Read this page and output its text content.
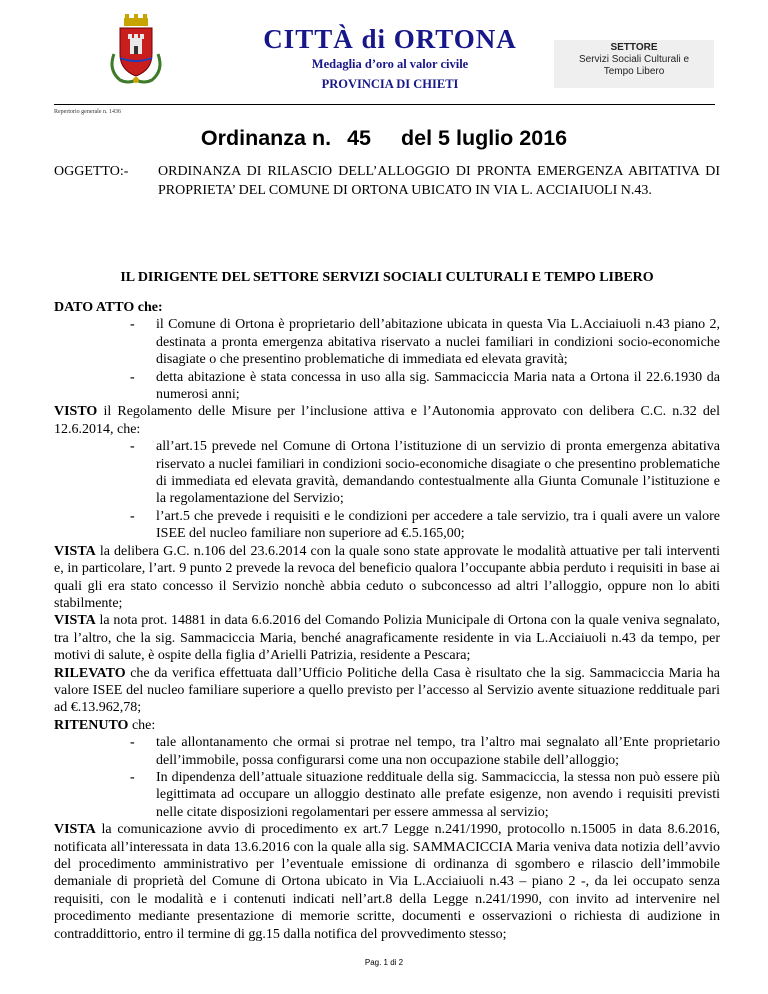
CITTÀ di ORTONA
Medaglia d’oro al valor civile
PROVINCIA DI CHIETI
SETTORE
Servizi Sociali Culturali e
Tempo Libero
Repertorio generale n. 1436
Ordinanza n. 45 del 5 luglio 2016
OGGETTO:-	ORDINANZA DI RILASCIO DELL’ALLOGGIO DI PRONTA EMERGENZA ABITATIVA DI PROPRIETA’ DEL COMUNE DI ORTONA UBICATO IN VIA L. ACCIAIUOLI N.43.
IL DIRIGENTE DEL SETTORE SERVIZI SOCIALI CULTURALI E TEMPO LIBERO

DATO ATTO che:

- il Comune di Ortona è proprietario dell’abitazione ubicata in questa Via L.Acciaiuoli n.43 piano 2, destinata a pronta emergenza abitativa riservato a nuclei familiari in condizioni socio-economiche disagiate o che presentino problematiche di immediata ed elevata gravità;
- detta abitazione è stata concessa in uso alla sig. Sammaciccia Maria nata a Ortona il 22.6.1930 da numerosi anni;

VISTO il Regolamento delle Misure per l’inclusione attiva e l’Autonomia approvato con delibera C.C. n.32 del 12.6.2014, che:

- all’art.15 prevede nel Comune di Ortona l’istituzione di un servizio di pronta emergenza abitativa riservato a nuclei familiari in condizioni socio-economiche disagiate o che presentino problematiche di immediata ed elevata gravità, demandando contestualmente alla Giunta Comunale l’istituzione e la regolamentazione del Servizio;
- l’art.5 che prevede i requisiti e le condizioni per accedere a tale servizio, tra i quali avere un valore ISEE del nucleo familiare non superiore ad €.5.165,00;

VISTA la delibera G.C. n.106 del 23.6.2014 con la quale sono state approvate le modalità attuative per tali interventi e, in particolare, l’art. 9 punto 2 prevede la revoca del beneficio qualora l’occupante abbia perduto i requisiti in base ai quali gli era stato concesso il Servizio nonchè abbia ceduto o subconcesso ad altri l’alloggio, oppure non lo abiti stabilmente;

VISTA la nota prot. 14881 in data 6.6.2016 del Comando Polizia Municipale di Ortona con la quale veniva segnalato, tra l’altro, che la sig. Sammaciccia Maria, benché anagraficamente residente in via L.Acciaiuoli n.43 da tempo, per motivi di salute, è ospite della figlia d’Arielli Patrizia, residente a Pescara;

RILEVATO che da verifica effettuata dall’Ufficio Politiche della Casa è risultato che la sig. Sammaciccia Maria ha valore ISEE del nucleo familiare superiore a quello previsto per l’accesso al Servizio avente situazione reddituale pari ad €.13.962,78;

RITENUTO che:

- tale allontanamento che ormai si protrae nel tempo, tra l’altro mai segnalato all’Ente proprietario dell’immobile, possa configurarsi come una non occupazione stabile dell’alloggio;
- In dipendenza dell’attuale situazione reddituale della sig. Sammaciccia, la stessa non può essere più legittimata ad occupare un alloggio destinato alle prefate esigenze, non avendo i requisiti previsti nelle citate disposizioni regolamentari per essere ammessa al servizio;

VISTA la comunicazione avvio di procedimento ex art.7 Legge n.241/1990, protocollo n.15005 in data 8.6.2016, notificata all’interessata in data 13.6.2016 con la quale alla sig. SAMMACICCIA Maria veniva data notizia dell’avvio del procedimento amministrativo per l’eventuale emissione di ordinanza di sgombero e rilascio dell’immobile demaniale di proprietà del Comune di Ortona ubicato in Via L.Acciaiuoli n.43 – piano 2 -, da lei occupato senza requisiti, con le modalità e i contenuti indicati nell’art.8 della Legge n.241/1990, con invito ad intervenire nel procedimento mediante presentazione di memorie scritte, documenti e osservazioni o richiesta di audizione in contraddittorio, entro il termine di gg.15 dalla notifica del provvedimento stesso;

Pag. 1 di 2
